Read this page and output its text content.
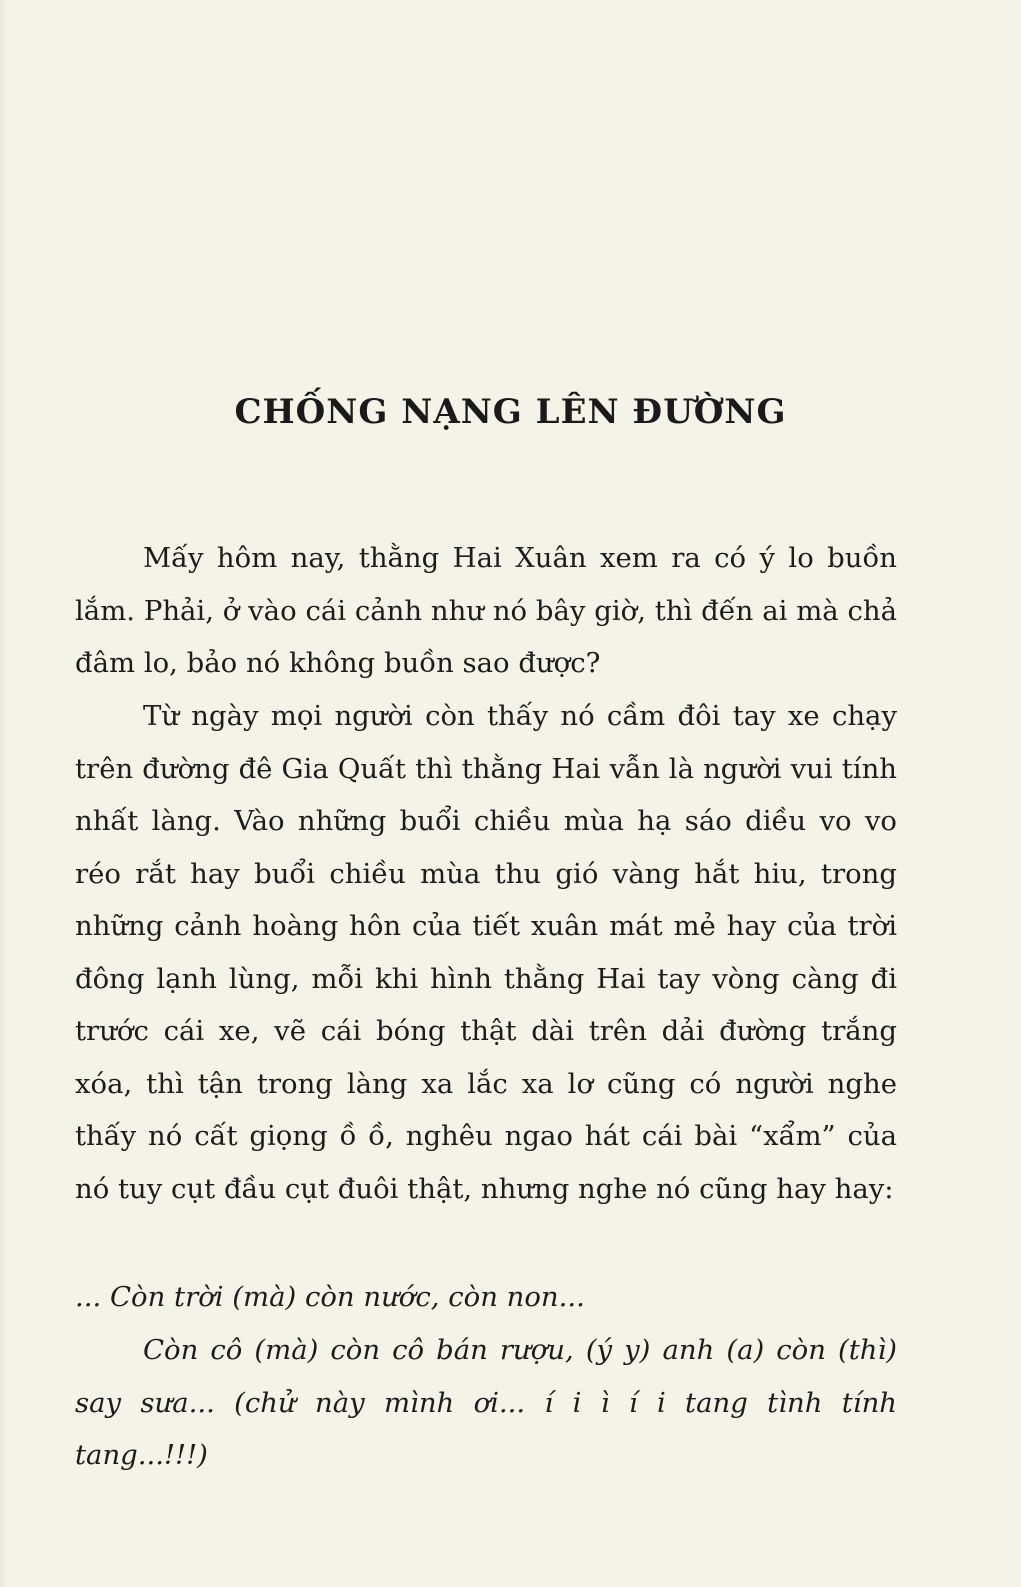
CHỐNG NẠNG LÊN ĐƯỜNG

Mấy hôm nay, thằng Hai Xuân xem ra có ý lo buồn lắm. Phải, ở vào cái cảnh như nó bây giờ, thì đến ai mà chả đâm lo, bảo nó không buồn sao được?

Từ ngày mọi người còn thấy nó cầm đôi tay xe chạy trên đường đê Gia Quất thì thằng Hai vẫn là người vui tính nhất làng. Vào những buổi chiều mùa hạ sáo diều vo vo réo rắt hay buổi chiều mùa thu gió vàng hắt hiu, trong những cảnh hoàng hôn của tiết xuân mát mẻ hay của trời đông lạnh lùng, mỗi khi hình thằng Hai tay vòng càng đi trước cái xe, vẽ cái bóng thật dài trên dải đường trắng xóa, thì tận trong làng xa lắc xa lơ cũng có người nghe thấy nó cất giọng ồ ồ, nghêu ngao hát cái bài “xẩm” của nó tuy cụt đầu cụt đuôi thật, nhưng nghe nó cũng hay hay:

... Còn trời (mà) còn nước, còn non...

Còn cô (mà) còn cô bán rượu, (ý y) anh (a) còn (thì) say sưa... (chử này mình ơi... í i ì í i tang tình tính tang...!!!)
